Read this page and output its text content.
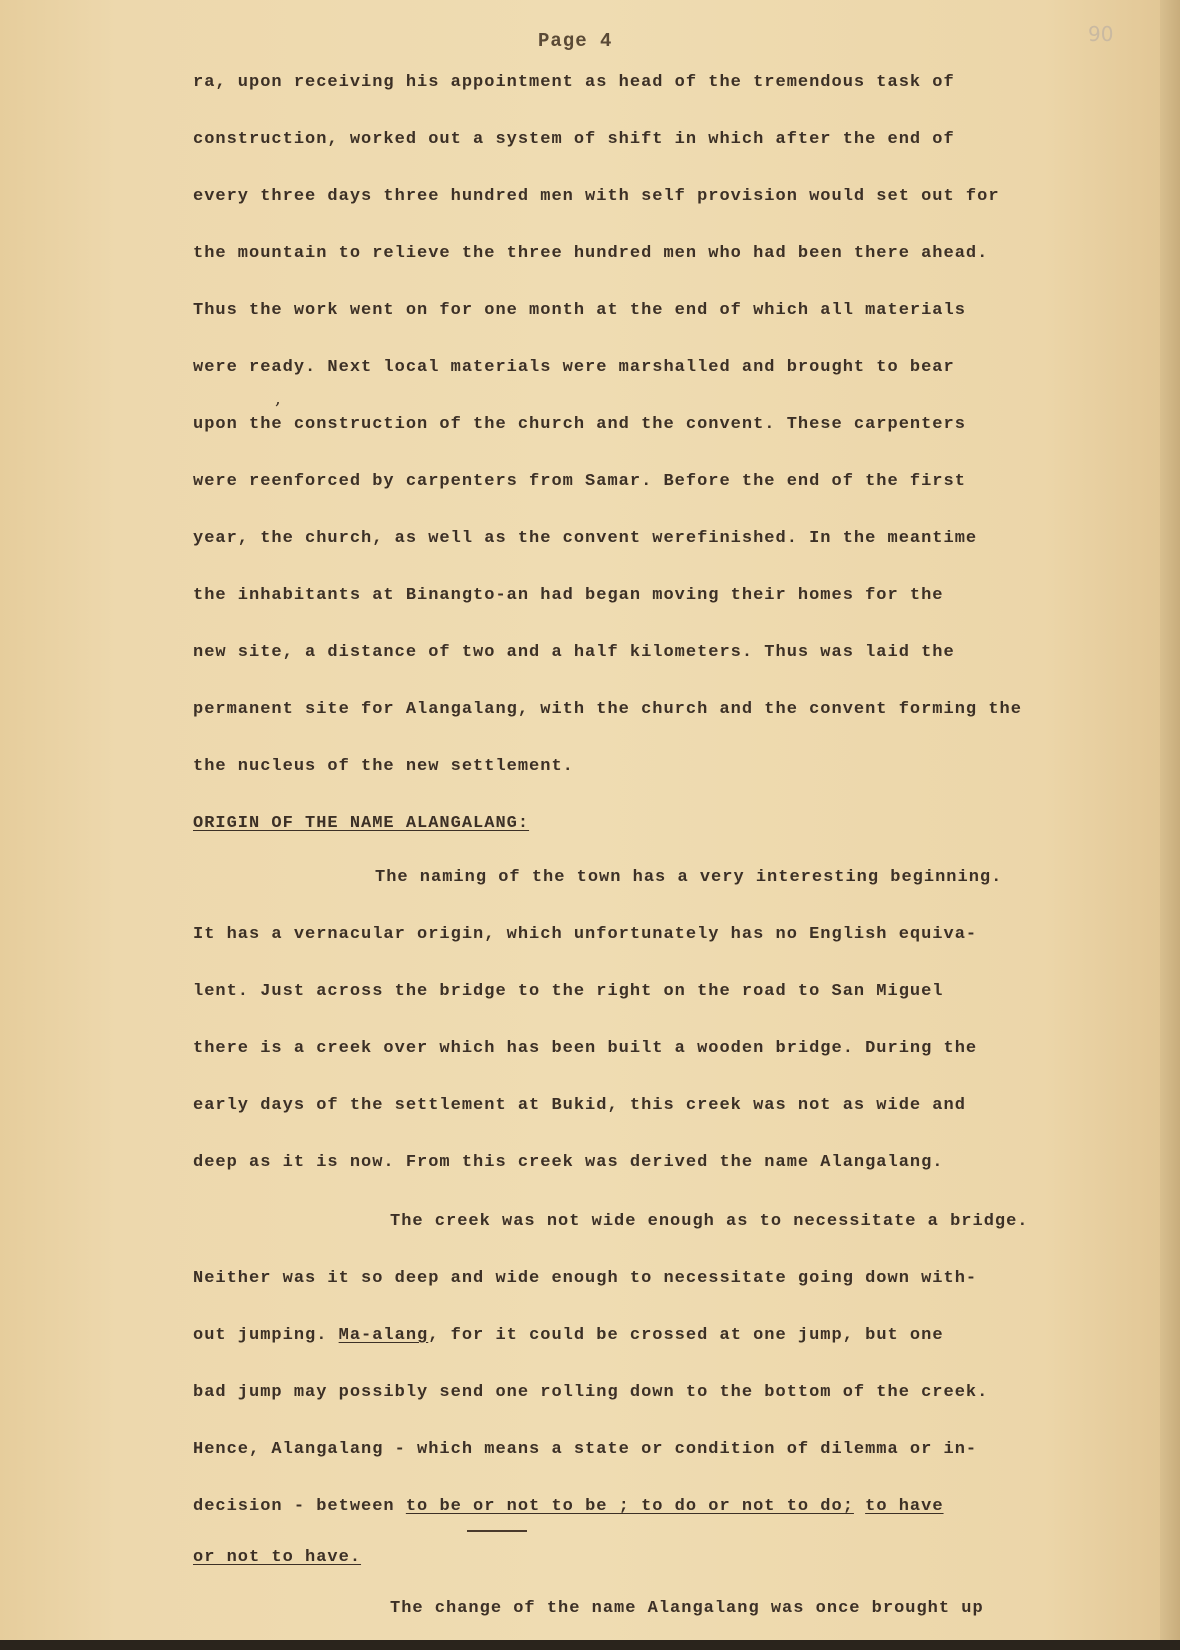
Page 4	90
ra, upon receiving his appointment as head of the tremendous task of
construction, worked out a system of shift in which after the end of
every three days three hundred men with self provision would set out for
the mountain to relieve the three hundred men who had been there ahead.
Thus the work went on for one month at the end of which all materials
were ready. Next local materials were marshalled and brought to bear
,
upon the construction of the church and the convent. These carpenters
were reenforced by carpenters from Samar. Before the end of the first
year, the church, as well as the convent werefinished. In the meantime
the inhabitants at Binangto-an had began moving their homes for the
new site, a distance of two and a half kilometers. Thus was laid the
permanent site for Alangalang, with the church and the convent forming the
the nucleus of the new settlement.
ORIGIN OF THE NAME ALANGALANG:
The naming of the town has a very interesting beginning.
It has a vernacular origin, which unfortunately has no English equiva-
lent. Just across the bridge to the right on the road to San Miguel
there is a creek over which has been built a wooden bridge. During the
early days of the settlement at Bukid, this creek was not as wide and
deep as it is now. From this creek was derived the name Alangalang.
The creek was not wide enough as to necessitate a bridge.
Neither was it so deep and wide enough to necessitate going down with-
out jumping. Ma-alang, for it could be crossed at one jump, but one
bad jump may possibly send one rolling down to the bottom of the creek.
Hence, Alangalang - which means a state or condition of dilemma or in-
decision - between to be or not to be ; to do or not to do; to have
or not to have.
The change of the name Alangalang was once brought up
